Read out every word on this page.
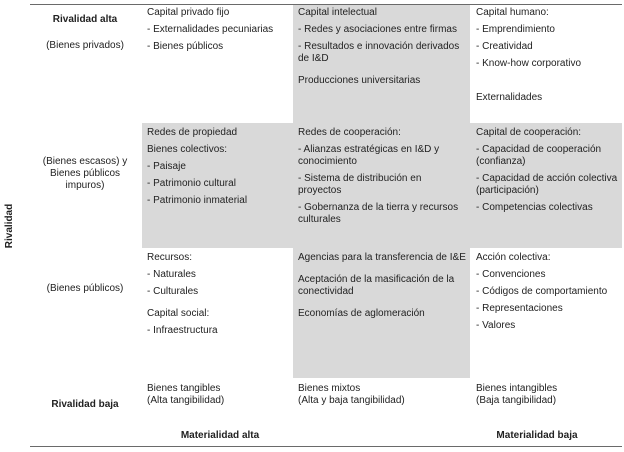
Rivalidad
Rivalidad alta
(Bienes privados)
(Bienes escasos) y Bienes públicos impuros)
(Bienes públicos)
Rivalidad baja

Capital privado fijo

- Externalidades pecuniarias
- Bienes públicos

Capital intelectual

- Redes y asociaciones entre firmas
- Resultados e innovación derivados de I&D

Producciones universitarias

Capital humano:

- Emprendimiento
- Creatividad
- Know-how corporativo

Externalidades

Redes de propiedad

Bienes colectivos:

- Paisaje
- Patrimonio cultural
- Patrimonio inmaterial

Redes de cooperación:

- Alianzas estratégicas en I&D y conocimiento
- Sistema de distribución en proyectos
- Gobernanza de la tierra y recursos culturales

Capital de cooperación:

- Capacidad de cooperación (confianza)
- Capacidad de acción colectiva (participación)
- Competencias colectivas

Recursos:

- Naturales
- Culturales

Capital social:

- Infraestructura

Agencias para la transferencia de I&E

Aceptación de la masificación de la conectividad

Economías de aglomeración

Acción colectiva:

- Convenciones
- Códigos de comportamiento
- Representaciones
- Valores

Bienes tangibles

(Alta tangibilidad)

Bienes mixtos

(Alta y baja tangibilidad)

Bienes intangibles

(Baja tangibilidad)

Materialidad alta	Materialidad baja
